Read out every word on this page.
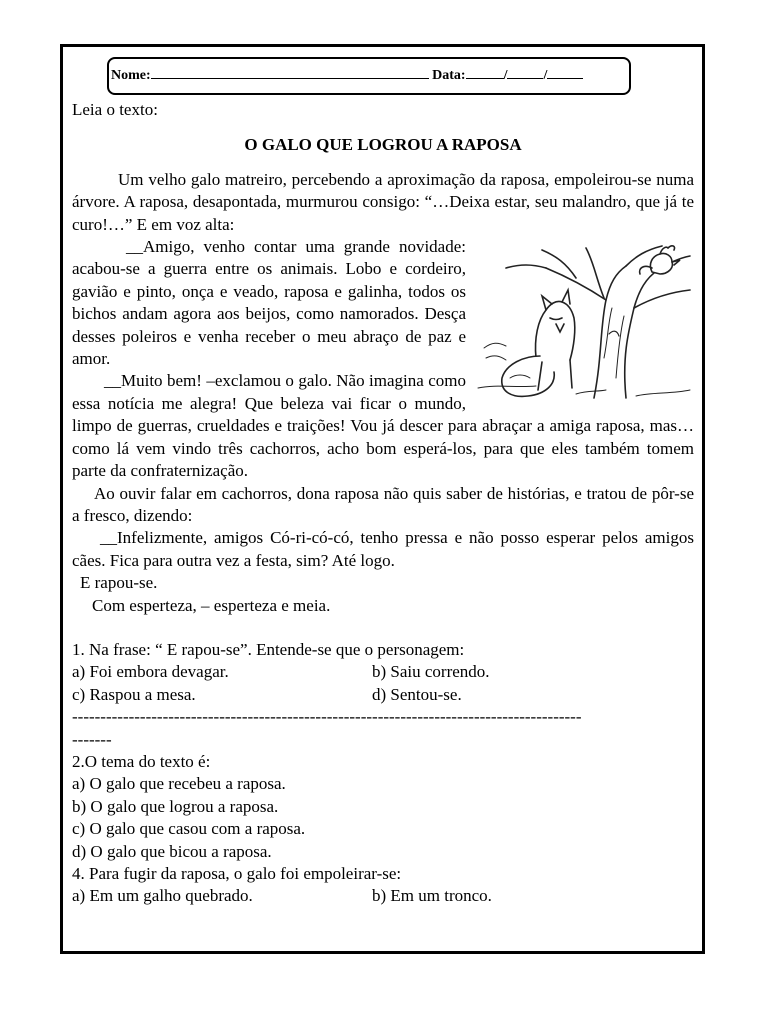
Nome:	Data:	/	/

Leia o texto:

O GALO QUE LOGROU A RAPOSA

Um velho galo matreiro, percebendo a aproximação da raposa, empoleirou-se numa árvore. A raposa, desapontada, murmurou consigo: “…Deixa estar, seu malandro, que já te curo!…” E em voz alta:

__Amigo, venho contar uma grande novidade: acabou-se a guerra entre os animais. Lobo e cordeiro, gavião e pinto, onça e veado, raposa e galinha, todos os bichos andam agora aos beijos, como namorados. Desça desses poleiros e venha receber o meu abraço de paz e amor.

__Muito bem! –exclamou o galo. Não imagina como essa notícia me alegra! Que beleza vai ficar o mundo, limpo de guerras, crueldades e traições! Vou já descer para abraçar a amiga raposa, mas… como lá vem vindo três cachorros, acho bom esperá-los, para que eles também tomem parte da confraternização.

Ao ouvir falar em cachorros, dona raposa não quis saber de histórias, e tratou de pôr-se a fresco, dizendo:

__Infelizmente, amigos Có-ri-có-có, tenho pressa e não posso esperar pelos amigos cães. Fica para outra vez a festa, sim? Até logo.

E rapou-se.

Com esperteza, – esperteza e meia.

1. Na frase: “ E rapou-se”. Entende-se que o personagem:

a) Foi embora devagar.	b) Saiu correndo.

c) Raspou a mesa.	d) Sentou-se.

------------------------------------------------------------------------------------------

-------

2.O tema do texto é:

a) O galo que recebeu a raposa.

b) O galo que logrou a raposa.

c) O galo que casou com a raposa.

d) O galo que bicou a raposa.

4. Para fugir da raposa, o galo foi empoleirar-se:

a) Em um galho quebrado.	b) Em um tronco.
